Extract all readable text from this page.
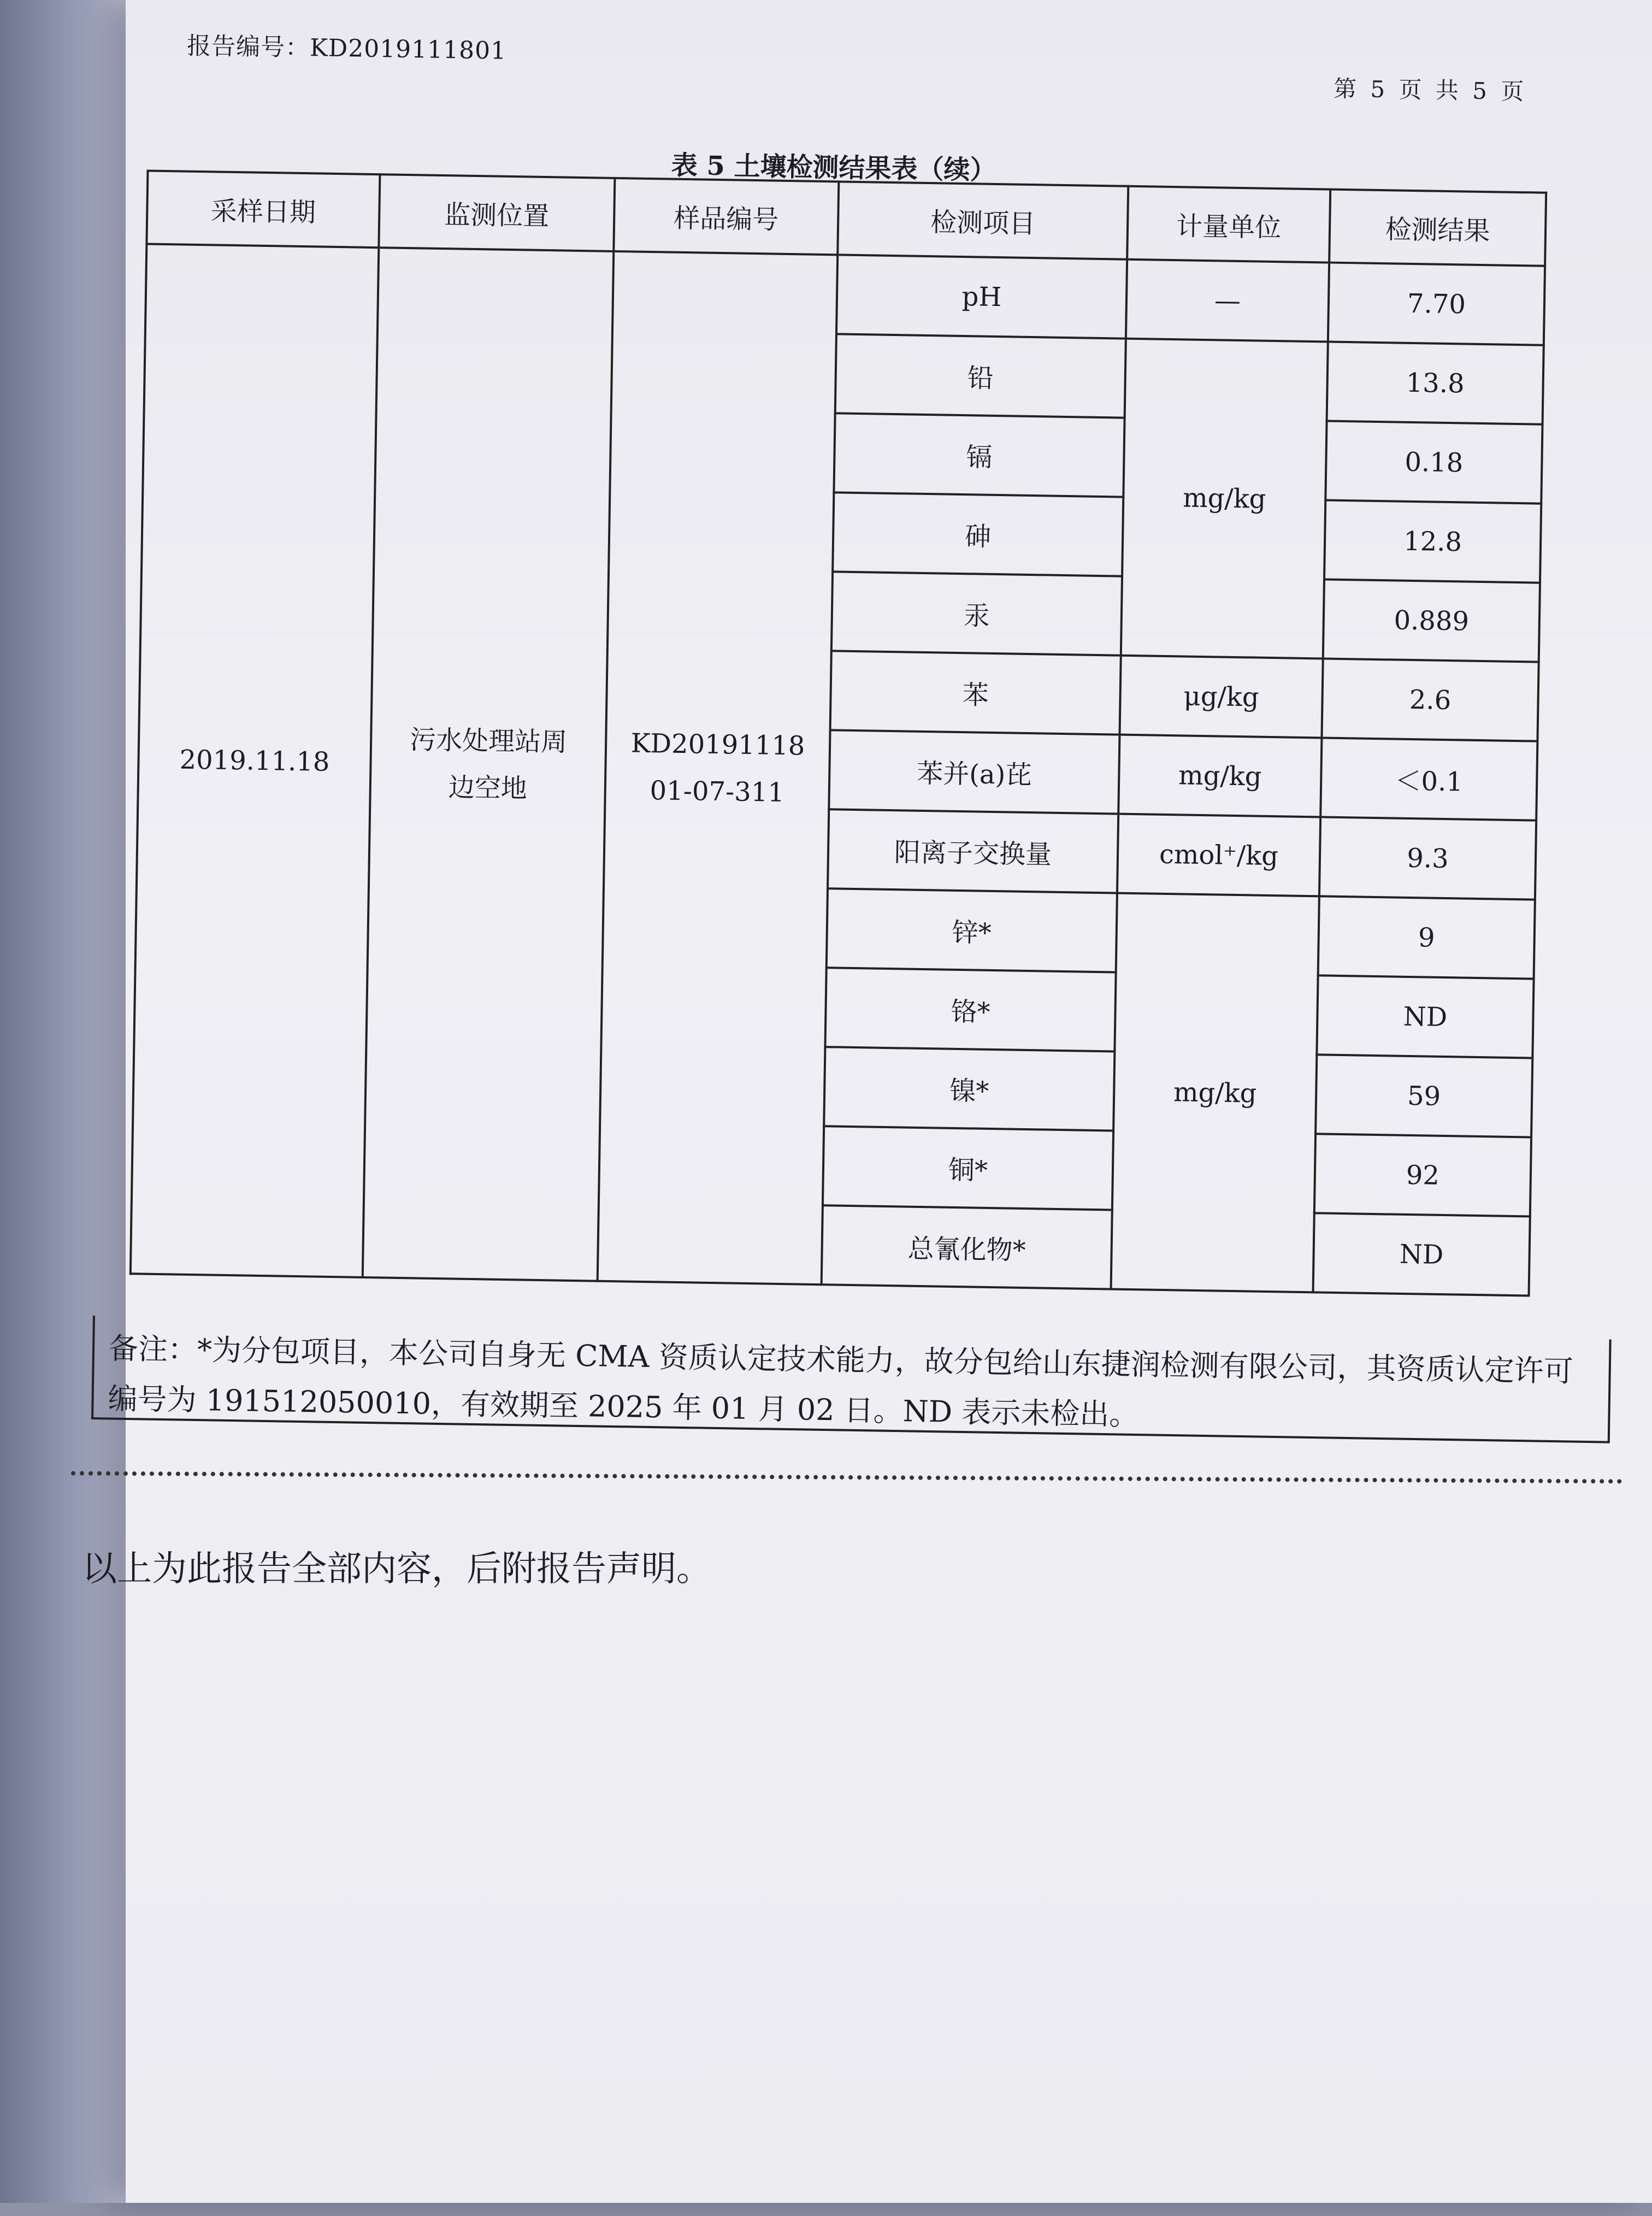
报告编号：KD2019111801
第 5 页 共 5 页
表 5 土壤检测结果表（续）
采样日期	监测位置	样品编号	检测项目	计量单位	检测结果
2019.11.18	污水处理站周边空地	KD2019111801-07-311	pH	—	7.70
			铅	mg/kg	13.8
			镉		0.18
			砷		12.8
			汞		0.889
			苯	μg/kg	2.6
			苯并(a)芘	mg/kg	＜0.1
			阳离子交换量	cmol⁺/kg	9.3
			锌*	mg/kg	9
			铬*		ND
			镍*		59
			铜*		92
			总氰化物*		ND
备注：*为分包项目，本公司自身无 CMA 资质认定技术能力，故分包给山东捷润检测有限公司，其资质认定许可编号为 191512050010，有效期至 2025 年 01 月 02 日。ND 表示未检出。
以上为此报告全部内容，后附报告声明。
